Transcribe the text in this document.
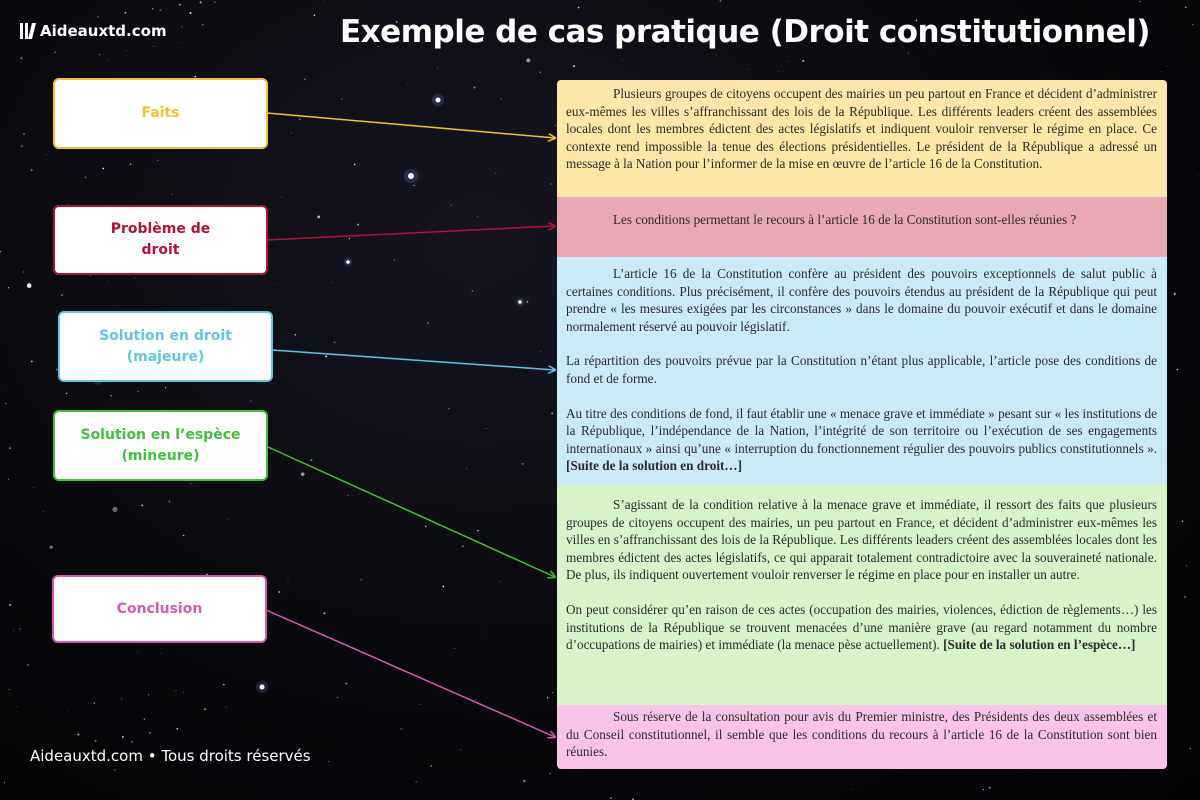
Aideauxtd.com	Exemple de cas pratique (Droit constitutionnel)
Faits
Problème de
droit
Solution en droit
(majeure)
Solution en l’espèce
(mineure)
Conclusion

Plusieurs groupes de citoyens occupent des mairies un peu partout en France et décident d’administrer eux-mêmes les villes s’affranchissant des lois de la République. Les différents leaders créent des assemblées locales dont les membres édictent des actes législatifs et indiquent vouloir renverser le régime en place. Ce contexte rend impossible la tenue des élections présidentielles. Le président de la République a adressé un message à la Nation pour l’informer de la mise en œuvre de l’article 16 de la Constitution.

Les conditions permettant le recours à l’article 16 de la Constitution sont-elles réunies ?

L’article 16 de la Constitution confère au président des pouvoirs exceptionnels de salut public à certaines conditions. Plus précisément, il confère des pouvoirs étendus au président de la République qui peut prendre « les mesures exigées par les circonstances » dans le domaine du pouvoir exécutif et dans le domaine normalement réservé au pouvoir législatif.

La répartition des pouvoirs prévue par la Constitution n’étant plus applicable, l’article pose des conditions de fond et de forme.

Au titre des conditions de fond, il faut établir une « menace grave et immédiate » pesant sur « les institutions de la République, l’indépendance de la Nation, l’intégrité de son territoire ou l’exécution de ses engagements internationaux » ainsi qu’une « interruption du fonctionnement régulier des pouvoirs publics constitutionnels ». [Suite de la solution en droit…]

S’agissant de la condition relative à la menace grave et immédiate, il ressort des faits que plusieurs groupes de citoyens occupent des mairies, un peu partout en France, et décident d’administrer eux-mêmes les villes en s’affranchissant des lois de la République. Les différents leaders créent des assemblées locales dont les membres édictent des actes législatifs, ce qui apparait totalement contradictoire avec la souveraineté nationale. De plus, ils indiquent ouvertement vouloir renverser le régime en place pour en installer un autre.

On peut considérer qu’en raison de ces actes (occupation des mairies, violences, édiction de règlements…) les institutions de la République se trouvent menacées d’une manière grave (au regard notamment du nombre d’occupations de mairies) et immédiate (la menace pèse actuellement). [Suite de la solution en l’espèce…]

Sous réserve de la consultation pour avis du Premier ministre, des Présidents des deux assemblées et du Conseil constitutionnel, il semble que les conditions du recours à l’article 16 de la Constitution sont bien réunies.

Aideauxtd.com • Tous droits réservés
